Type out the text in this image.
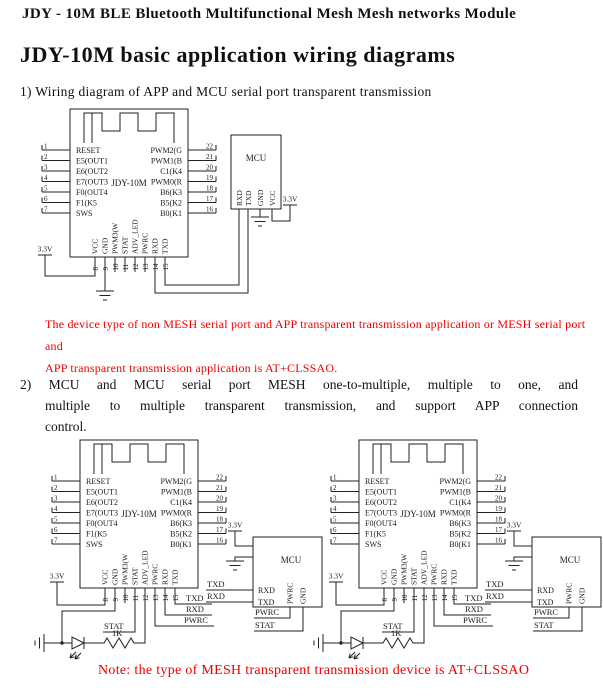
JDY - 10M BLE Bluetooth Multifunctional Mesh Mesh networks Module
JDY-10M basic application wiring diagrams
1) Wiring diagram of APP and MCU serial port transparent transmission
MCU
RXD TXD GND VCC
The device type of non MESH serial port and APP transparent transmission application or MESH serial port and
APP transparent transmission application is AT+CLSSAO.
2) MCU and MCU serial port MESH one-to-multiple, multiple to one, and
multiple to multiple transparent transmission, and support APP connection
control.
Note: the type of MESH transparent transmission device is AT+CLSSAO
